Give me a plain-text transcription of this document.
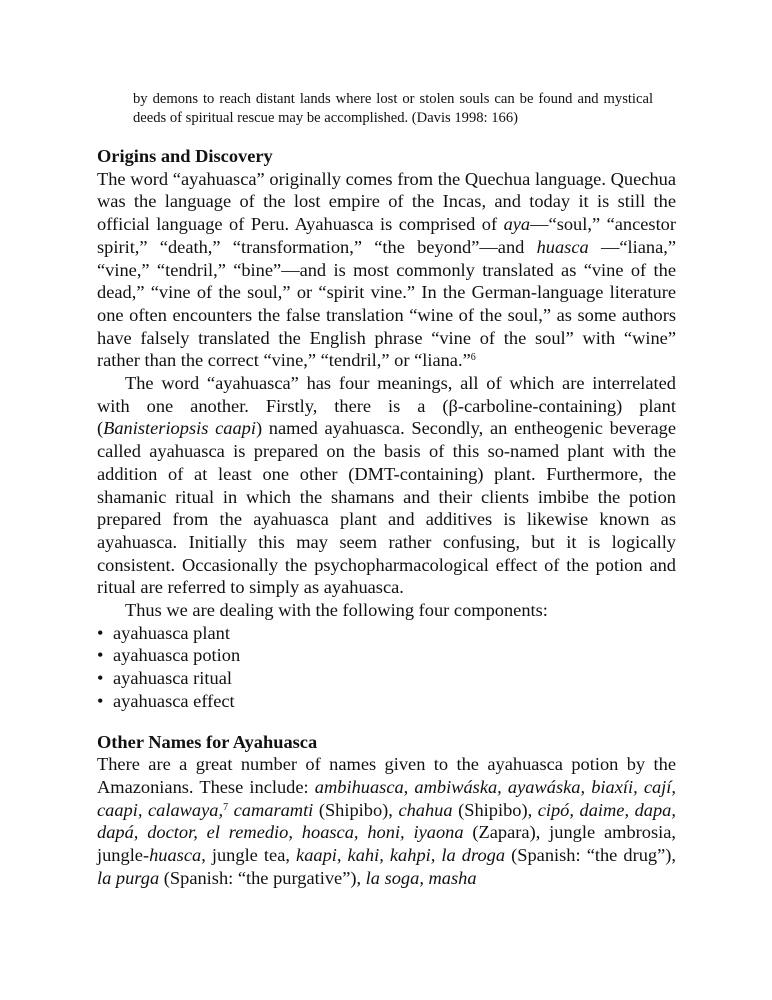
by demons to reach distant lands where lost or stolen souls can be found and mystical deeds of spiritual rescue may be accomplished. (Davis 1998: 166)
Origins and Discovery

The word “ayahuasca” originally comes from the Quechua language. Quechua was the language of the lost empire of the Incas, and today it is still the official language of Peru. Ayahuasca is comprised of aya—“soul,” “ancestor spirit,” “death,” “transformation,” “the beyond”—and huasca —“liana,” “vine,” “tendril,” “bine”—and is most commonly translated as “vine of the dead,” “vine of the soul,” or “spirit vine.” In the German-language literature one often encounters the false translation “wine of the soul,” as some authors have falsely translated the English phrase “vine of the soul” with “wine” rather than the correct “vine,” “tendril,” or “liana.”$^6$

The word “ayahuasca” has four meanings, all of which are interrelated with one another. Firstly, there is a (β-carboline-containing) plant (Banisteriopsis caapi) named ayahuasca. Secondly, an entheogenic beverage called ayahuasca is prepared on the basis of this so-named plant with the addition of at least one other (DMT-containing) plant. Furthermore, the shamanic ritual in which the shamans and their clients imbibe the potion prepared from the ayahuasca plant and additives is likewise known as ayahuasca. Initially this may seem rather confusing, but it is logically consistent. Occasionally the psychopharmacological effect of the potion and ritual are referred to simply as ayahuasca.

Thus we are dealing with the following four components:

• ayahuasca plant
• ayahuasca potion
• ayahuasca ritual
• ayahuasca effect
Other Names for Ayahuasca

There are a great number of names given to the ayahuasca potion by the Amazonians. These include: ambihuasca, ambiwáska, ayawáska, biaxíi, cají, caapi, calawaya,$^7$ camaramti (Shipibo), chahua (Shipibo), cipó, daime, dapa, dapá, doctor, el remedio, hoasca, honi, iyaona (Zapara), jungle ambrosia, jungle-huasca, jungle tea, kaapi, kahi, kahpi, la droga (Spanish: “the drug”), la purga (Spanish: “the purgative”), la soga, masha
